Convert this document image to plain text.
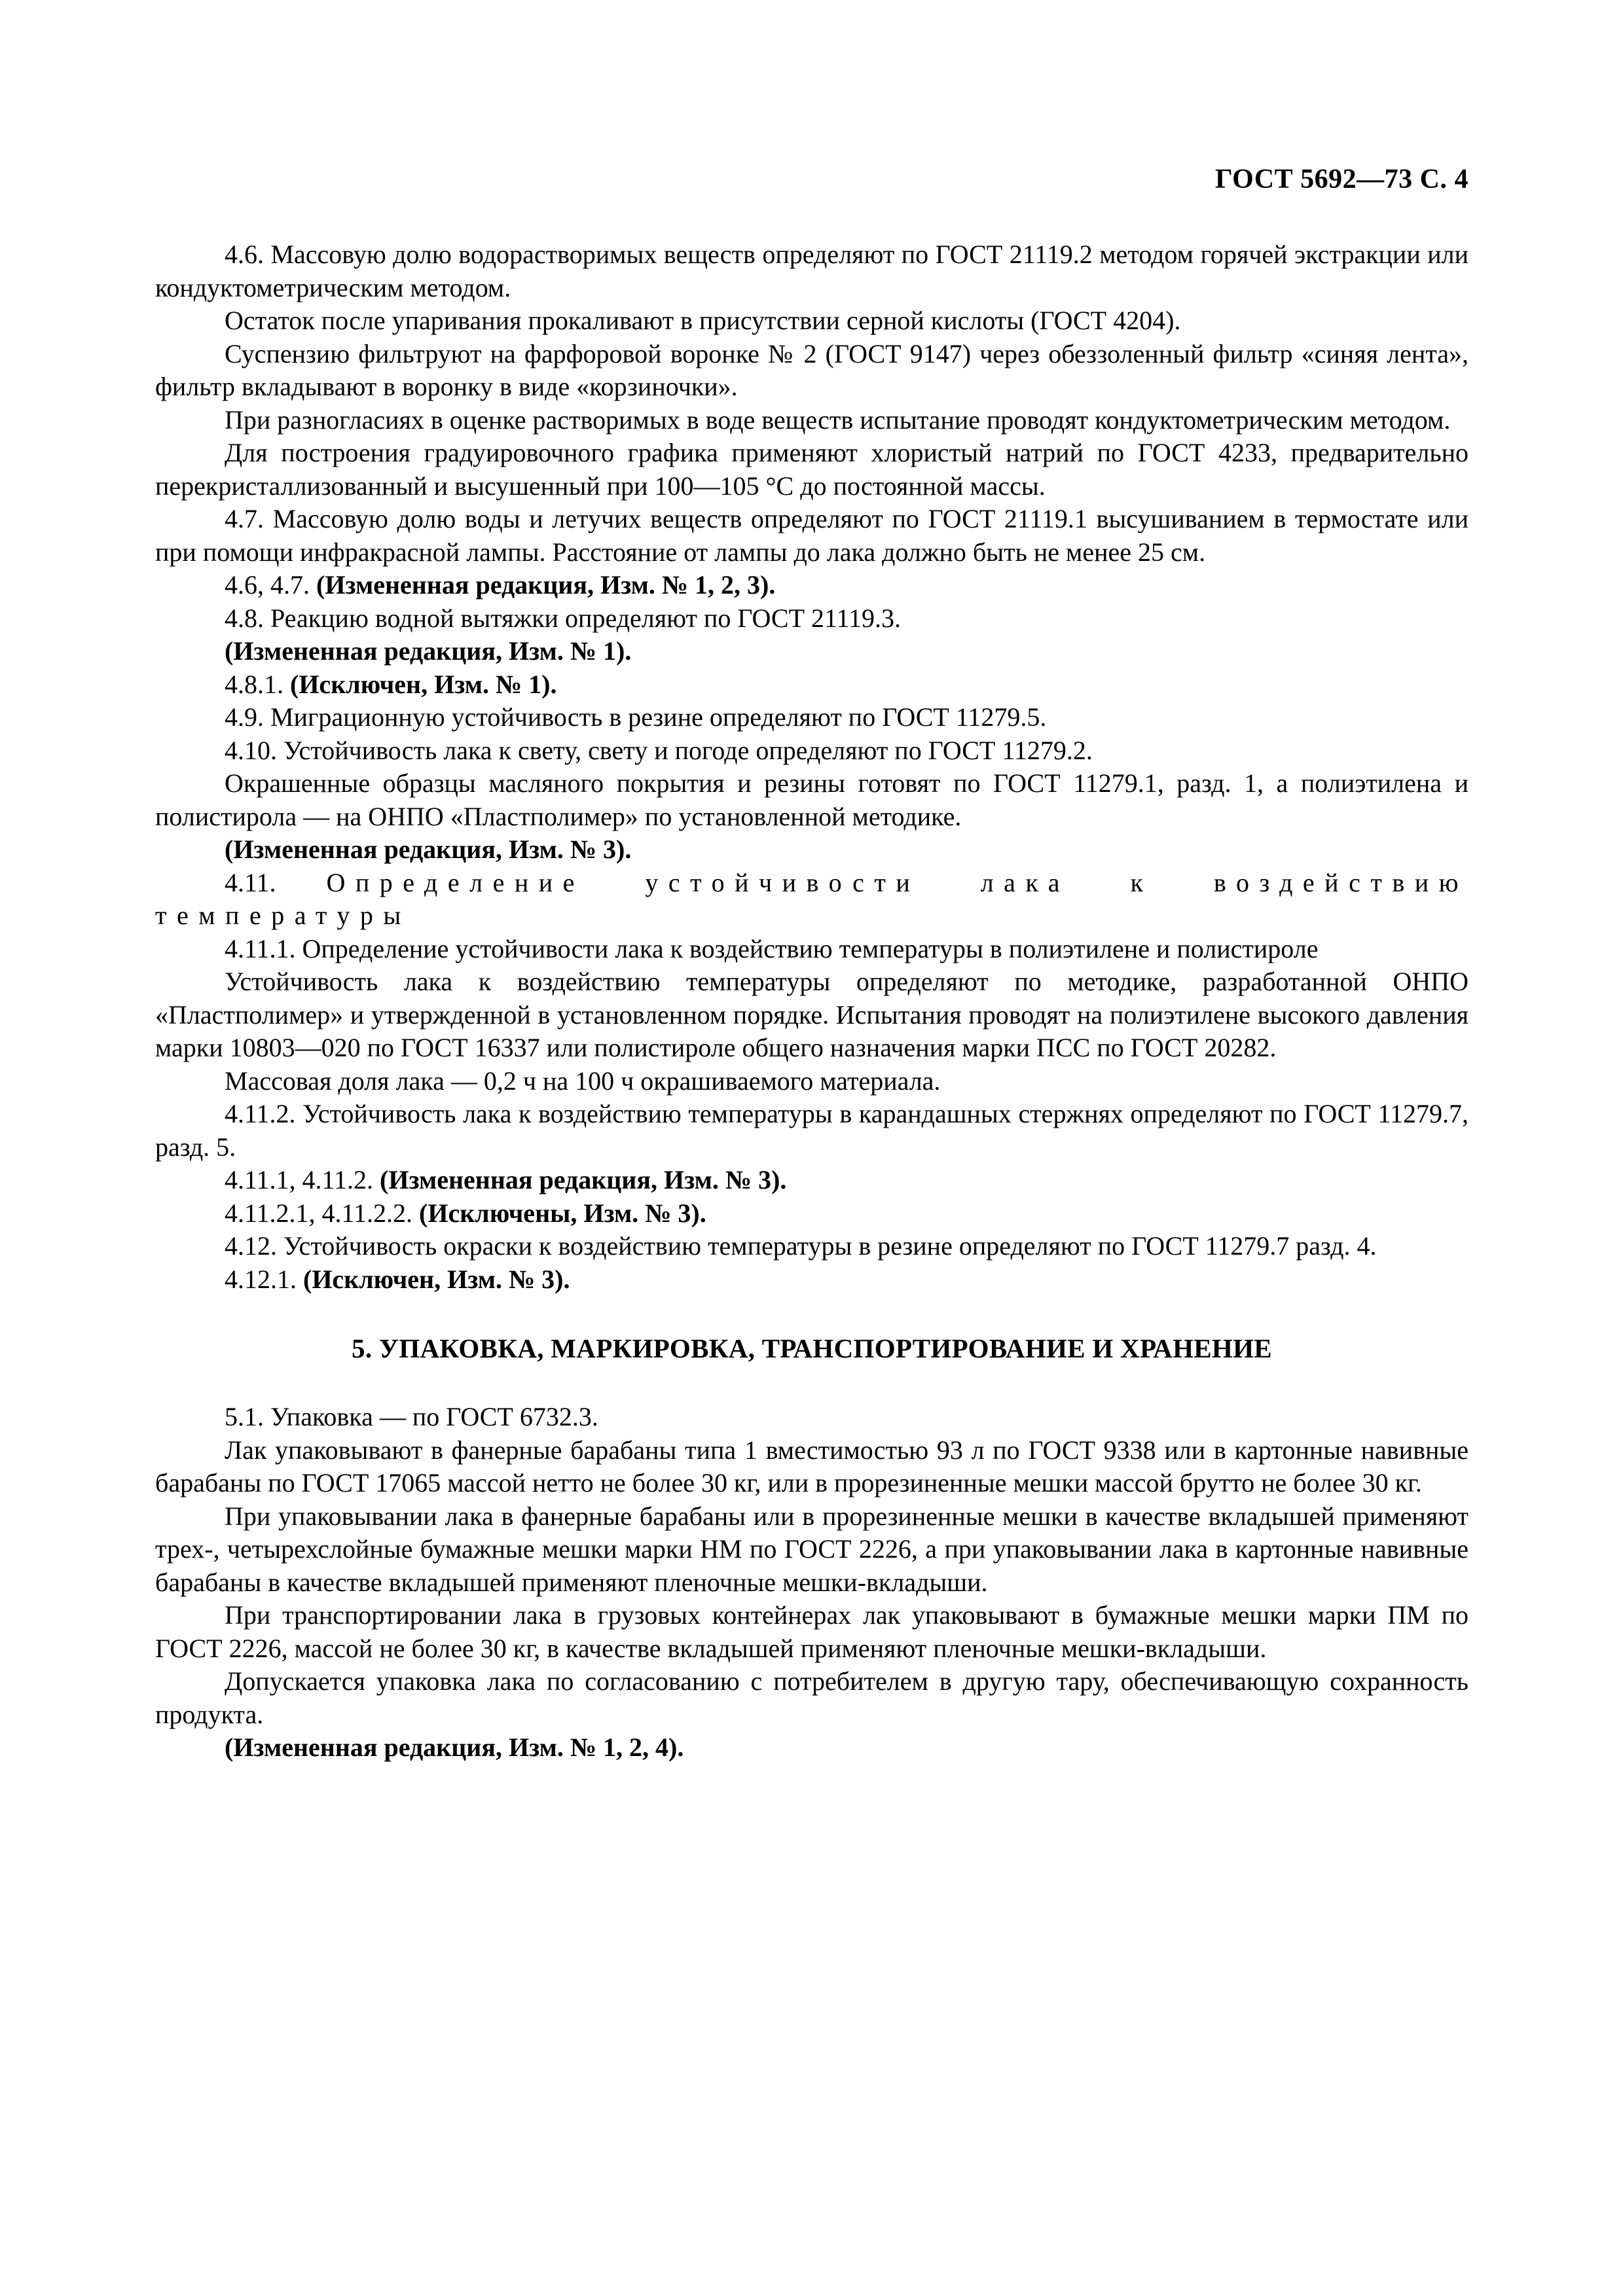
ГОСТ 5692—73 С. 4

4.6. Массовую долю водорастворимых веществ определяют по ГОСТ 21119.2 методом горячей экстракции или кондуктометрическим методом.

Остаток после упаривания прокаливают в присутствии серной кислоты (ГОСТ 4204).

Суспензию фильтруют на фарфоровой воронке № 2 (ГОСТ 9147) через обеззоленный фильтр «синяя лента», фильтр вкладывают в воронку в виде «корзиночки».

При разногласиях в оценке растворимых в воде веществ испытание проводят кондуктометрическим методом.

Для построения градуировочного графика применяют хлористый натрий по ГОСТ 4233, предварительно перекристаллизованный и высушенный при 100—105 °С до постоянной массы.

4.7. Массовую долю воды и летучих веществ определяют по ГОСТ 21119.1 высушиванием в термостате или при помощи инфракрасной лампы. Расстояние от лампы до лака должно быть не менее 25 см.

4.6, 4.7. (Измененная редакция, Изм. № 1, 2, 3).

4.8. Реакцию водной вытяжки определяют по ГОСТ 21119.3.

(Измененная редакция, Изм. № 1).

4.8.1. (Исключен, Изм. № 1).

4.9. Миграционную устойчивость в резине определяют по ГОСТ 11279.5.

4.10. Устойчивость лака к свету, свету и погоде определяют по ГОСТ 11279.2.

Окрашенные образцы масляного покрытия и резины готовят по ГОСТ 11279.1, разд. 1, а полиэтилена и полистирола — на ОНПО «Пластполимер» по установленной методике.

(Измененная редакция, Изм. № 3).

4.11. Определение устойчивости лака к воздействию температуры

4.11.1. Определение устойчивости лака к воздействию температуры в полиэтилене и полистироле

Устойчивость лака к воздействию температуры определяют по методике, разработанной ОНПО «Пластполимер» и утвержденной в установленном порядке. Испытания проводят на полиэтилене высокого давления марки 10803—020 по ГОСТ 16337 или полистироле общего назначения марки ПСС по ГОСТ 20282.

Массовая доля лака — 0,2 ч на 100 ч окрашиваемого материала.

4.11.2. Устойчивость лака к воздействию температуры в карандашных стержнях определяют по ГОСТ 11279.7, разд. 5.

4.11.1, 4.11.2. (Измененная редакция, Изм. № 3).

4.11.2.1, 4.11.2.2. (Исключены, Изм. № 3).

4.12. Устойчивость окраски к воздействию температуры в резине определяют по ГОСТ 11279.7 разд. 4.

4.12.1. (Исключен, Изм. № 3).

5. УПАКОВКА, МАРКИРОВКА, ТРАНСПОРТИРОВАНИЕ И ХРАНЕНИЕ

5.1. Упаковка — по ГОСТ 6732.3.

Лак упаковывают в фанерные барабаны типа 1 вместимостью 93 л по ГОСТ 9338 или в картонные навивные барабаны по ГОСТ 17065 массой нетто не более 30 кг, или в прорезиненные мешки массой брутто не более 30 кг.

При упаковывании лака в фанерные барабаны или в прорезиненные мешки в качестве вкладышей применяют трех-, четырехслойные бумажные мешки марки НМ по ГОСТ 2226, а при упаковывании лака в картонные навивные барабаны в качестве вкладышей применяют пленочные мешки-вкладыши.

При транспортировании лака в грузовых контейнерах лак упаковывают в бумажные мешки марки ПМ по ГОСТ 2226, массой не более 30 кг, в качестве вкладышей применяют пленочные мешки-вкладыши.

Допускается упаковка лака по согласованию с потребителем в другую тару, обеспечивающую сохранность продукта.

(Измененная редакция, Изм. № 1, 2, 4).
